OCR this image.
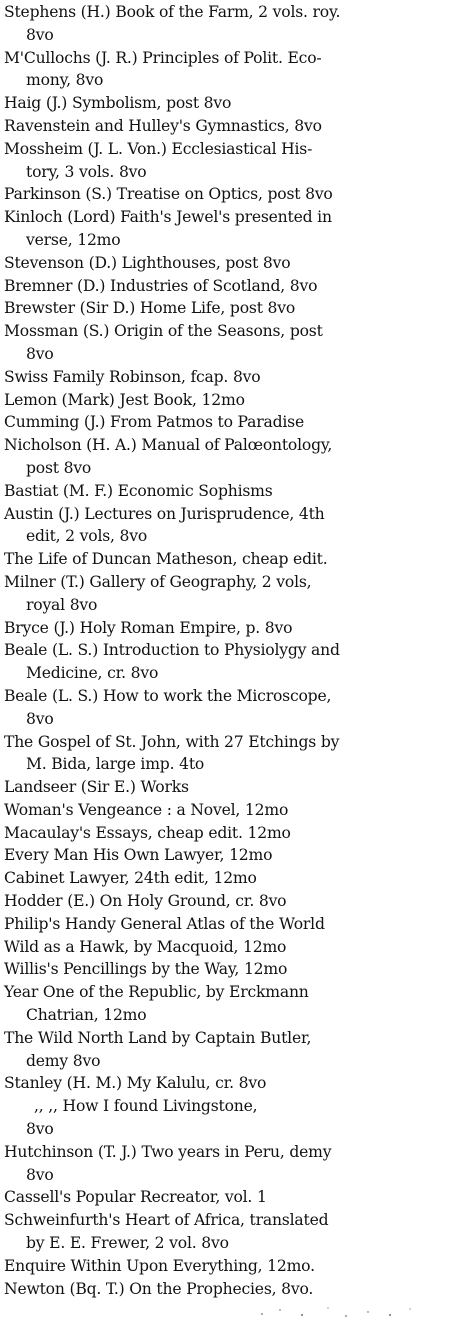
Stephens (H.) Book of the Farm, 2 vols. roy.
8vo
M'Cullochs (J. R.) Principles of Polit. Eco-
mony, 8vo
Haig (J.) Symbolism, post 8vo
Ravenstein and Hulley's Gymnastics, 8vo
Mossheim (J. L. Von.) Ecclesiastical His-
tory, 3 vols. 8vo
Parkinson (S.) Treatise on Optics, post 8vo
Kinloch (Lord) Faith's Jewel's presented in
verse, 12mo
Stevenson (D.) Lighthouses, post 8vo
Bremner (D.) Industries of Scotland, 8vo
Brewster (Sir D.) Home Life, post 8vo
Mossman (S.) Origin of the Seasons, post
8vo
Swiss Family Robinson, fcap. 8vo
Lemon (Mark) Jest Book, 12mo
Cumming (J.) From Patmos to Paradise
Nicholson (H. A.) Manual of Palœontology,
post 8vo
Bastiat (M. F.) Economic Sophisms
Austin (J.) Lectures on Jurisprudence, 4th
edit, 2 vols, 8vo
The Life of Duncan Matheson, cheap edit.
Milner (T.) Gallery of Geography, 2 vols,
royal 8vo
Bryce (J.) Holy Roman Empire, p. 8vo
Beale (L. S.) Introduction to Physiolygy and
Medicine, cr. 8vo
Beale (L. S.) How to work the Microscope,
8vo
The Gospel of St. John, with 27 Etchings by
M. Bida, large imp. 4to
Landseer (Sir E.) Works
Woman's Vengeance : a Novel, 12mo
Macaulay's Essays, cheap edit. 12mo
Every Man His Own Lawyer, 12mo
Cabinet Lawyer, 24th edit, 12mo
Hodder (E.) On Holy Ground, cr. 8vo
Philip's Handy General Atlas of the World
Wild as a Hawk, by Macquoid, 12mo
Willis's Pencillings by the Way, 12mo
Year One of the Republic, by Erckmann
Chatrian, 12mo
The Wild North Land by Captain Butler,
demy 8vo
Stanley (H. M.) My Kalulu, cr. 8vo
,, ,, How I found Livingstone,
8vo
Hutchinson (T. J.) Two years in Peru, demy
8vo
Cassell's Popular Recreator, vol. 1
Schweinfurth's Heart of Africa, translated
by E. E. Frewer, 2 vol. 8vo
Enquire Within Upon Everything, 12mo.
Newton (Bq. T.) On the Prophecies, 8vo.
